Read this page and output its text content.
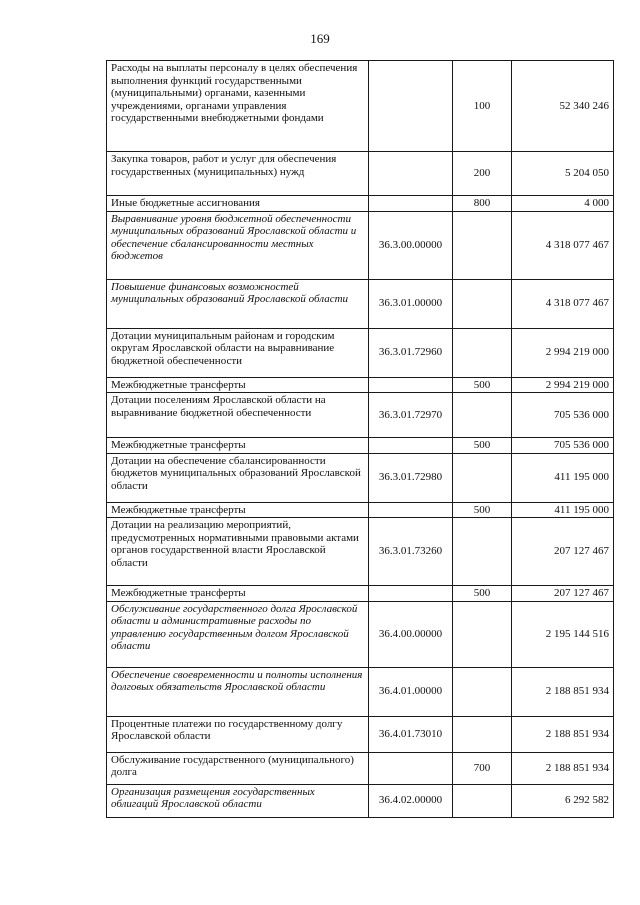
169
Расходы на выплаты персоналу в целях обеспечения выполнения функций государственными (муниципальными) органами, казенными учреждениями, органами управления государственными внебюджетными фондами		100	52 340 246
Закупка товаров, работ и услуг для обеспечения государственных (муниципальных) нужд		200	5 204 050
Иные бюджетные ассигнования		800	4 000
Выравнивание уровня бюджетной обеспеченности муниципальных образований Ярославской области и обеспечение сбалансированности местных бюджетов	36.3.00.00000		4 318 077 467
Повышение финансовых возможностей муниципальных образований Ярославской области	36.3.01.00000		4 318 077 467
Дотации муниципальным районам и городским округам Ярославской области на выравнивание бюджетной обеспеченности	36.3.01.72960		2 994 219 000
Межбюджетные трансферты		500	2 994 219 000
Дотации поселениям Ярославской области на выравнивание бюджетной обеспеченности	36.3.01.72970		705 536 000
Межбюджетные трансферты		500	705 536 000
Дотации на обеспечение сбалансированности бюджетов муниципальных образований Ярославской области	36.3.01.72980		411 195 000
Межбюджетные трансферты		500	411 195 000
Дотации на реализацию мероприятий, предусмотренных нормативными правовыми актами органов государственной власти Ярославской области	36.3.01.73260		207 127 467
Межбюджетные трансферты		500	207 127 467
Обслуживание государственного долга Ярославской области и административные расходы по управлению государственным долгом Ярославской области	36.4.00.00000		2 195 144 516
Обеспечение своевременности и полноты исполнения долговых обязательств Ярославской области	36.4.01.00000		2 188 851 934
Процентные платежи по государственному долгу Ярославской области	36.4.01.73010		2 188 851 934
Обслуживание государственного (муниципального) долга		700	2 188 851 934
Организация размещения государственных облигаций Ярославской области	36.4.02.00000		6 292 582
